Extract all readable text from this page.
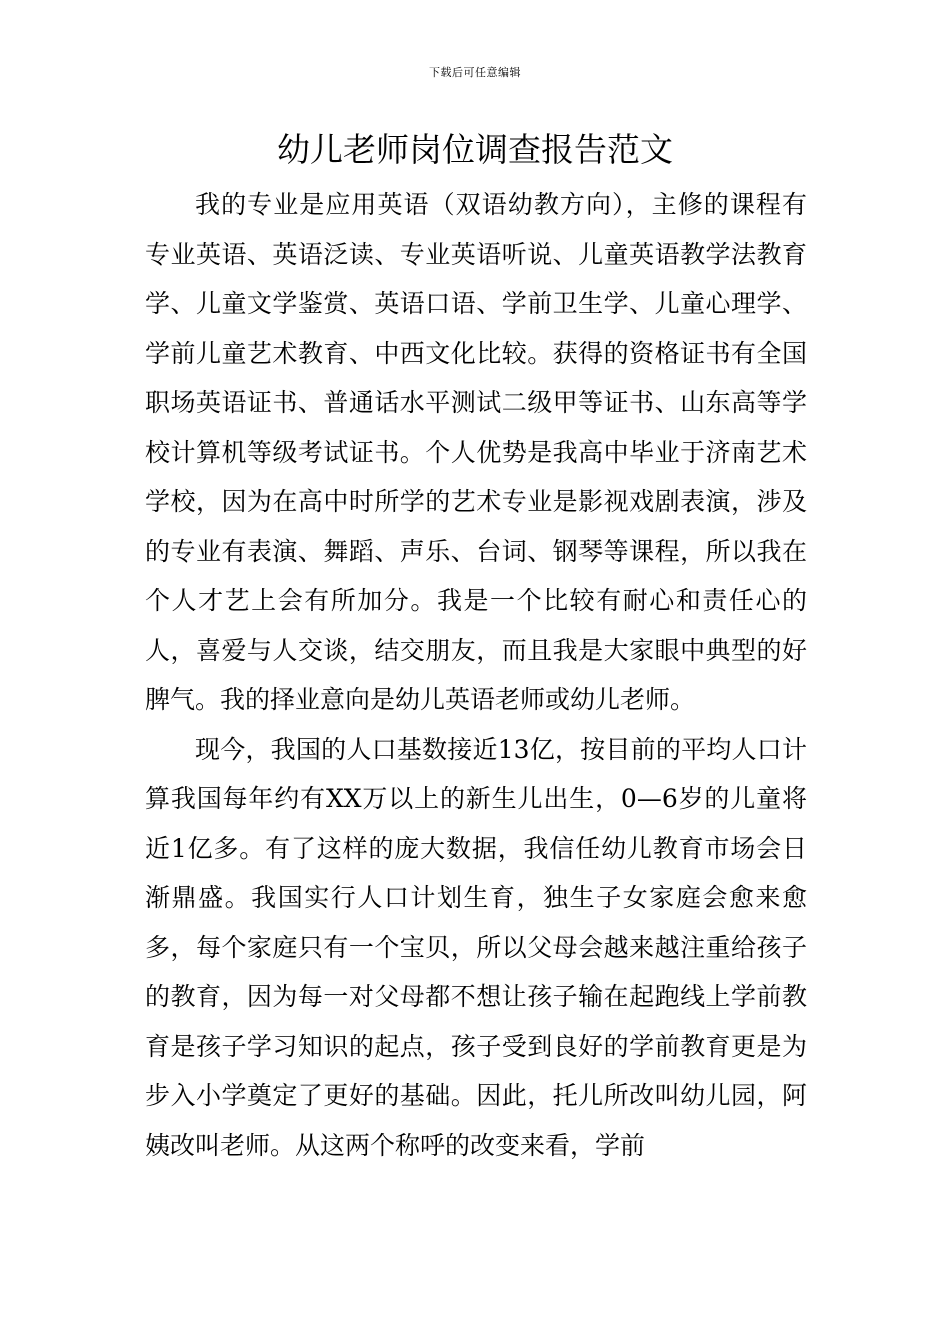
下载后可任意编辑
幼儿老师岗位调查报告范文

我的专业是应用英语（双语幼教方向），主修的课程有专业英语、英语泛读、专业英语听说、儿童英语教学法教育学、儿童文学鉴赏、英语口语、学前卫生学、儿童心理学、学前儿童艺术教育、中西文化比较。获得的资格证书有全国职场英语证书、普通话水平测试二级甲等证书、山东高等学校计算机等级考试证书。个人优势是我高中毕业于济南艺术学校，因为在高中时所学的艺术专业是影视戏剧表演，涉及的专业有表演、舞蹈、声乐、台词、钢琴等课程，所以我在个人才艺上会有所加分。我是一个比较有耐心和责任心的人，喜爱与人交谈，结交朋友，而且我是大家眼中典型的好脾气。我的择业意向是幼儿英语老师或幼儿老师。

现今，我国的人口基数接近13亿，按目前的平均人口计算我国每年约有XX万以上的新生儿出生，0—6岁的儿童将近1亿多。有了这样的庞大数据，我信任幼儿教育市场会日渐鼎盛。我国实行人口计划生育，独生子女家庭会愈来愈多，每个家庭只有一个宝贝，所以父母会越来越注重给孩子的教育，因为每一对父母都不想让孩子输在起跑线上学前教育是孩子学习知识的起点，孩子受到良好的学前教育更是为步入小学奠定了更好的基础。因此，托儿所改叫幼儿园，阿姨改叫老师。从这两个称呼的改变来看，学前
